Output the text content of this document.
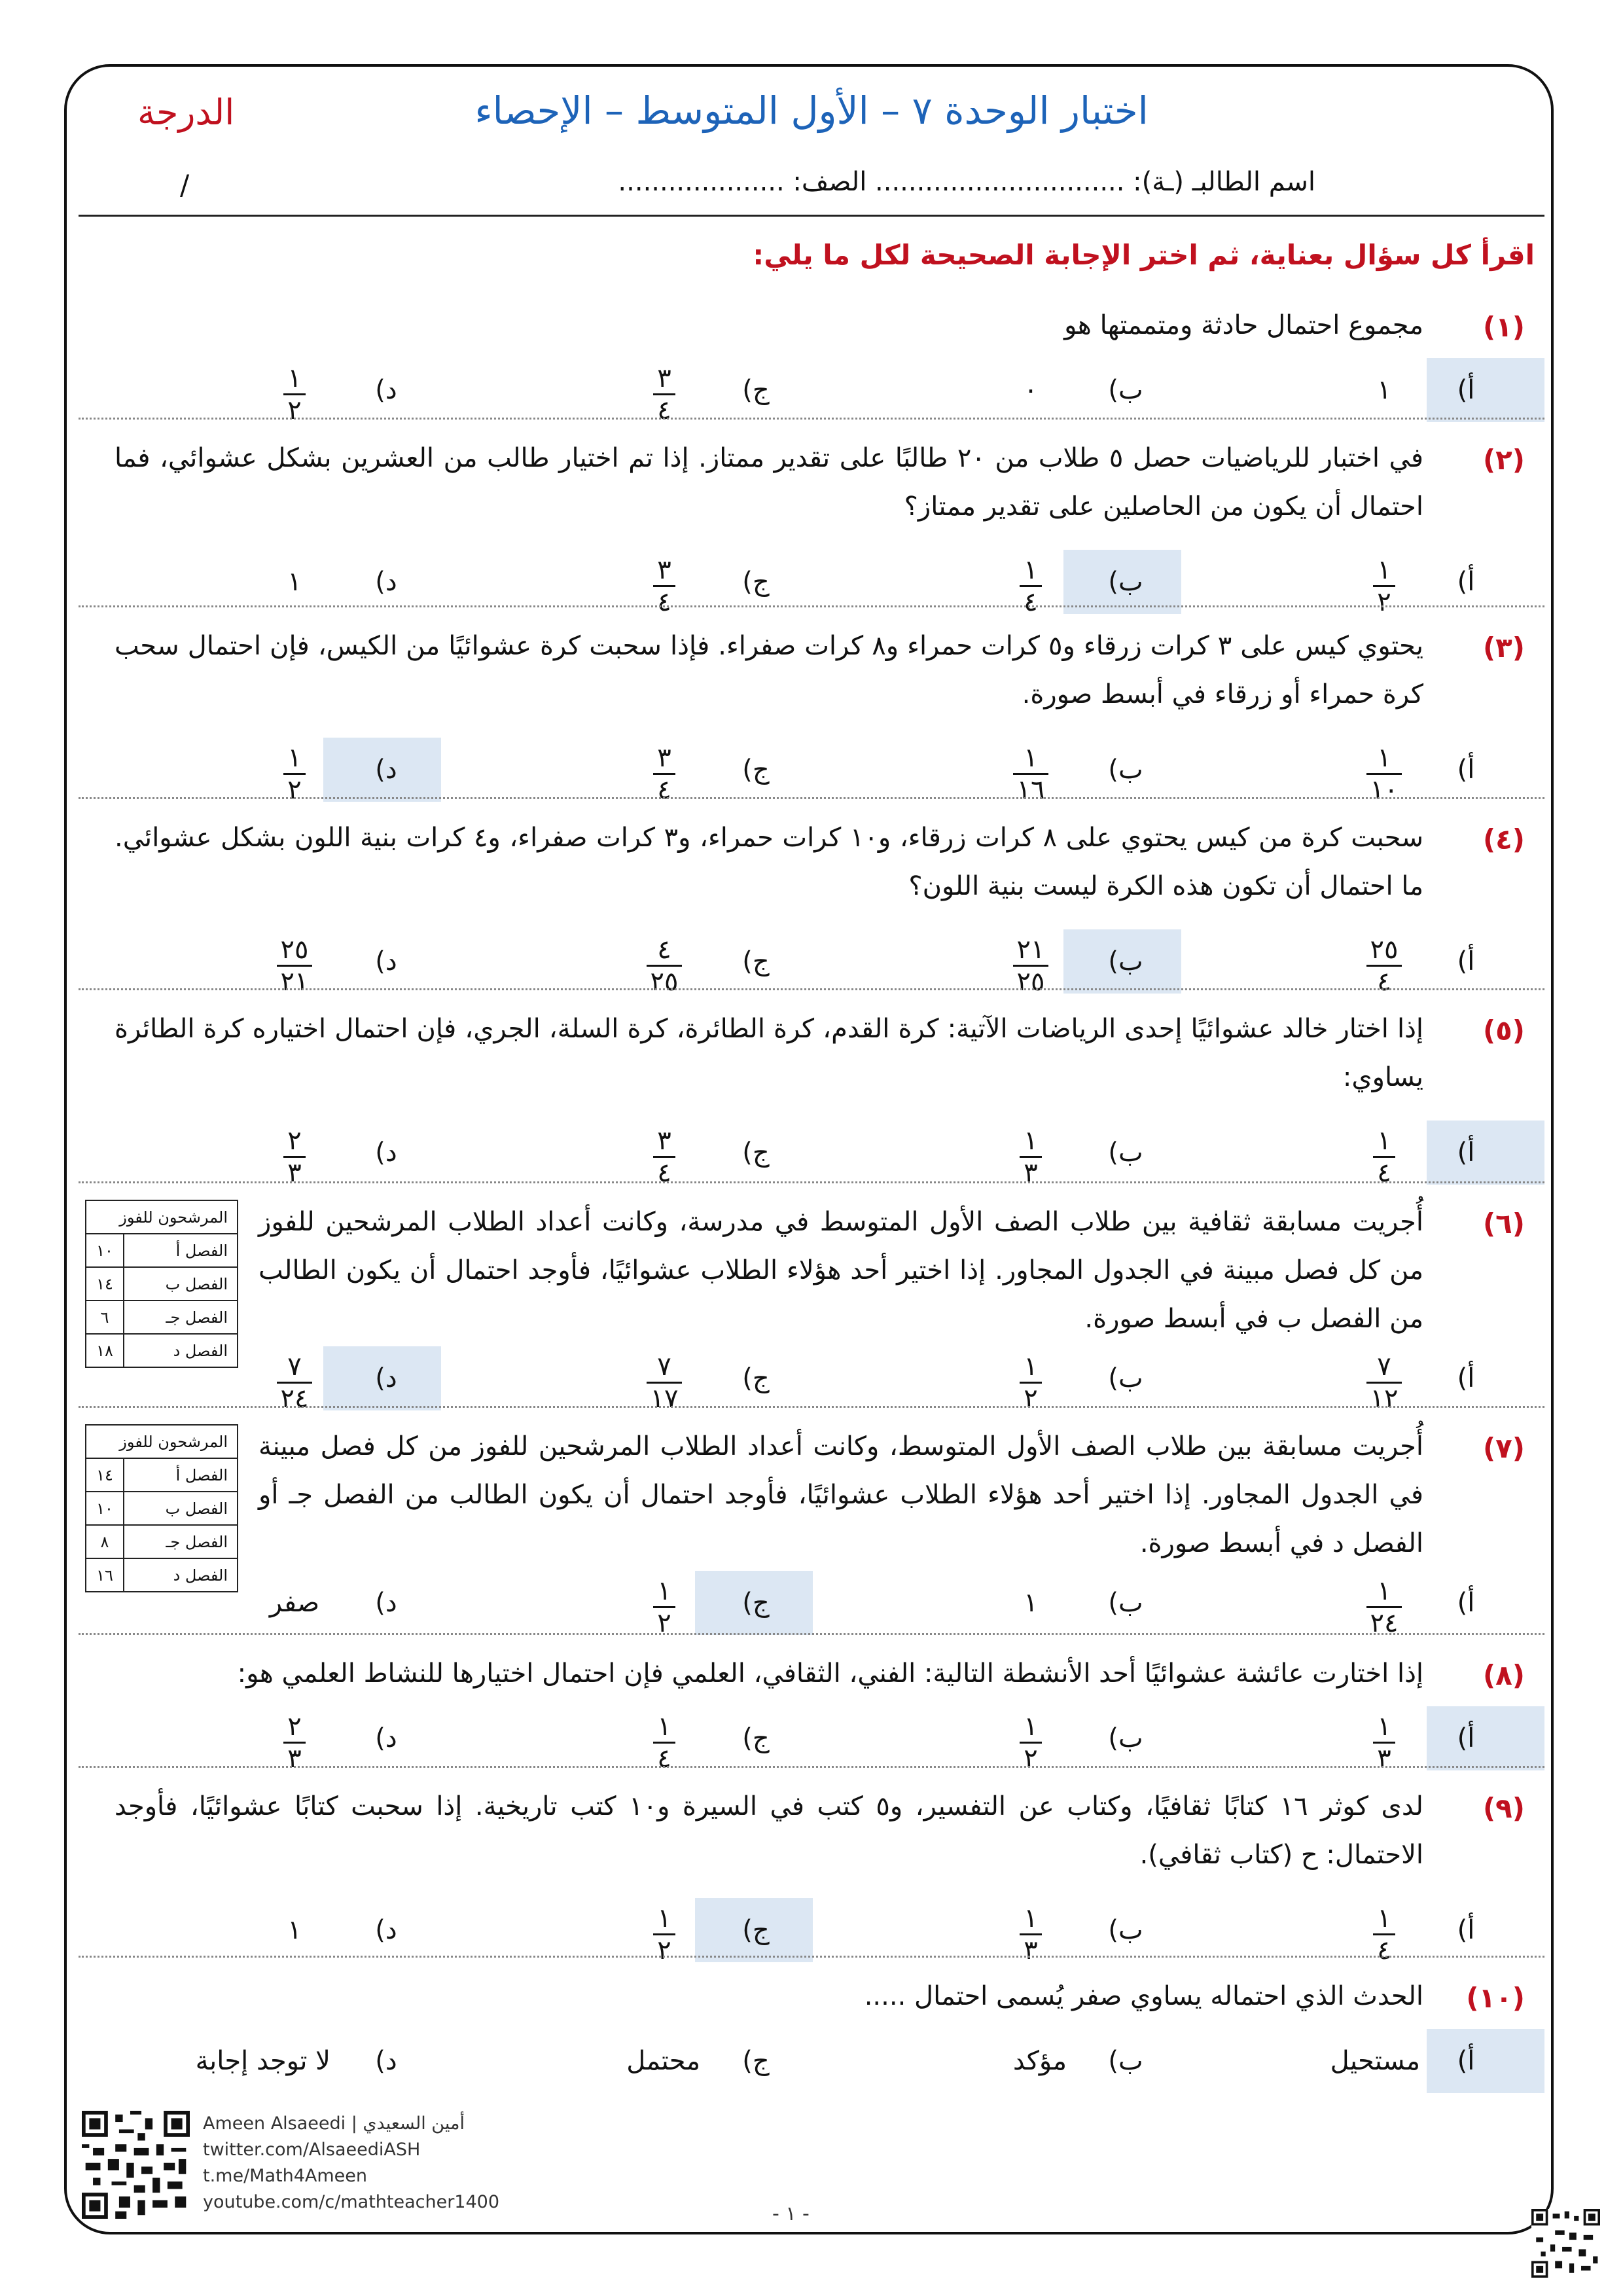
اختبار الوحدة ٧ – الأول المتوسط – الإحصاء
الدرجة
/	اسم الطالبـ (ـة): .............................. الصف: ....................
اقرأ كل سؤال بعناية، ثم اختر الإجابة الصحيحة لكل ما يلي:
(١)
مجموع احتمال حادثة ومتممتها هو
أ)
١
ب)
٠
ج)
$\frac{٣}{٤}$
د)
$\frac{١}{٢}$
(٢)
في اختبار للرياضيات حصل ٥ طلاب من ٢٠ طالبًا على تقدير ممتاز. إذا تم اختيار طالب من العشرين بشكل عشوائي، فما احتمال أن يكون من الحاصلين على تقدير ممتاز؟
أ)
$\frac{١}{٢}$
ب)
$\frac{١}{٤}$
ج)
$\frac{٣}{٤}$
د)
١
(٣)
يحتوي كيس على ٣ كرات زرقاء و٥ كرات حمراء و٨ كرات صفراء. فإذا سحبت كرة عشوائيًا من الكيس، فإن احتمال سحب كرة حمراء أو زرقاء في أبسط صورة.
أ)
$\frac{١}{١٠}$
ب)
$\frac{١}{١٦}$
ج)
$\frac{٣}{٤}$
د)
$\frac{١}{٢}$
(٤)
سحبت كرة من كيس يحتوي على ٨ كرات زرقاء، و١٠ كرات حمراء، و٣ كرات صفراء، و٤ كرات بنية اللون بشكل عشوائي. ما احتمال أن تكون هذه الكرة ليست بنية اللون؟
أ)
$\frac{٢٥}{٤}$
ب)
$\frac{٢١}{٢٥}$
ج)
$\frac{٤}{٢٥}$
د)
$\frac{٢٥}{٢١}$
(٥)
إذا اختار خالد عشوائيًا إحدى الرياضات الآتية: كرة القدم، كرة الطائرة، كرة السلة، الجري، فإن احتمال اختياره كرة الطائرة يساوي:
أ)
$\frac{١}{٤}$
ب)
$\frac{١}{٣}$
ج)
$\frac{٣}{٤}$
د)
$\frac{٢}{٣}$
(٦)
أُجريت مسابقة ثقافية بين طلاب الصف الأول المتوسط في مدرسة، وكانت أعداد الطلاب المرشحين للفوز من كل فصل مبينة في الجدول المجاور. إذا اختير أحد هؤلاء الطلاب عشوائيًا، فأوجد احتمال أن يكون الطالب من الفصل ب في أبسط صورة.
أ)
$\frac{٧}{١٢}$
ب)
$\frac{١}{٢}$
ج)
$\frac{٧}{١٧}$
د)
$\frac{٧}{٢٤}$
المرشحون للفوز	
الفصل أ	١٠
الفصل ب	١٤
الفصل جـ	٦
الفصل د	١٨
(٧)
أُجريت مسابقة بين طلاب الصف الأول المتوسط، وكانت أعداد الطلاب المرشحين للفوز من كل فصل مبينة في الجدول المجاور. إذا اختير أحد هؤلاء الطلاب عشوائيًا، فأوجد احتمال أن يكون الطالب من الفصل جـ أو الفصل د في أبسط صورة.
أ)
$\frac{١}{٢٤}$
ب)
١
ج)
$\frac{١}{٢}$
د)
صفر
المرشحون للفوز	
الفصل أ	١٤
الفصل ب	١٠
الفصل جـ	٨
الفصل د	١٦
(٨)
إذا اختارت عائشة عشوائيًا أحد الأنشطة التالية: الفني، الثقافي، العلمي فإن احتمال اختيارها للنشاط العلمي هو:
أ)
$\frac{١}{٣}$
ب)
$\frac{١}{٢}$
ج)
$\frac{١}{٤}$
د)
$\frac{٢}{٣}$
(٩)
لدى كوثر ١٦ كتابًا ثقافيًا، وكتاب عن التفسير، و٥ كتب في السيرة و١٠ كتب تاريخية. إذا سحبت كتابًا عشوائيًا، فأوجد الاحتمال: ح (كتاب ثقافي).
أ)
$\frac{١}{٤}$
ب)
$\frac{١}{٣}$
ج)
$\frac{١}{٢}$
د)
١
(١٠)
الحدث الذي احتماله يساوي صفر يُسمى احتمال .....
أ)
مستحيل
ب)
مؤكد
ج)
محتمل
د)
لا توجد إجابة
Ameen Alsaeedi | أمين السعيدي
twitter.com/AlsaeediASH
t.me/Math4Ameen
youtube.com/c/mathteacher1400
- ١ -
